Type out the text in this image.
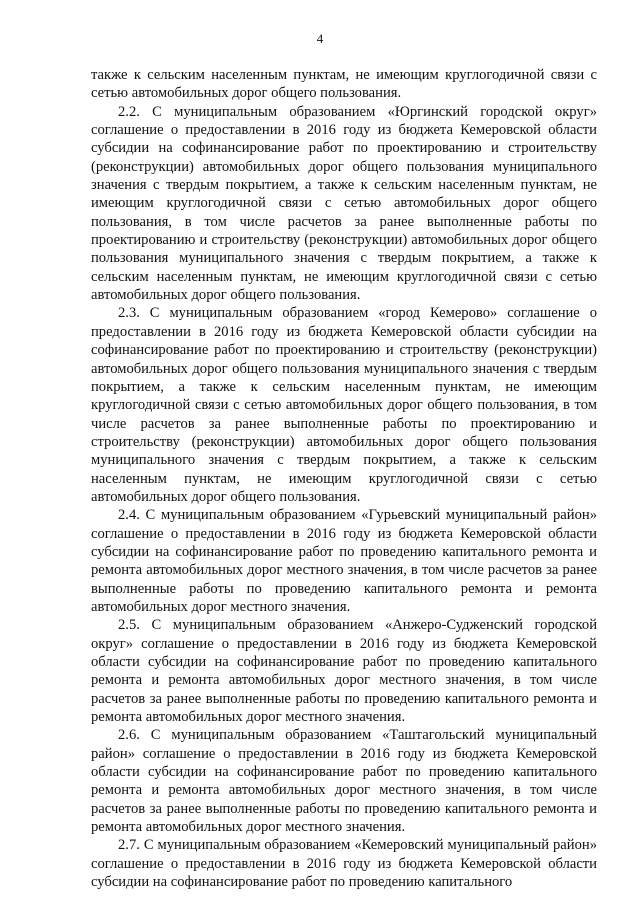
4

также к сельским населенным пунктам, не имеющим круглогодичной связи с сетью автомобильных дорог общего пользования.

2.2. С муниципальным образованием «Юргинский городской округ» соглашение о предоставлении в 2016 году из бюджета Кемеровской области субсидии на софинансирование работ по проектированию и строительству (реконструкции) автомобильных дорог общего пользования муниципального значения с твердым покрытием, а также к сельским населенным пунктам, не имеющим круглогодичной связи с сетью автомобильных дорог общего пользования, в том числе расчетов за ранее выполненные работы по проектированию и строительству (реконструкции) автомобильных дорог общего пользования муниципального значения с твердым покрытием, а также к сельским населенным пунктам, не имеющим круглогодичной связи с сетью автомобильных дорог общего пользования.

2.3. С муниципальным образованием «город Кемерово» соглашение о предоставлении в 2016 году из бюджета Кемеровской области субсидии на софинансирование работ по проектированию и строительству (реконструкции) автомобильных дорог общего пользования муниципального значения с твердым покрытием, а также к сельским населенным пунктам, не имеющим круглогодичной связи с сетью автомобильных дорог общего пользования, в том числе расчетов за ранее выполненные работы по проектированию и строительству (реконструкции) автомобильных дорог общего пользования муниципального значения с твердым покрытием, а также к сельским населенным пунктам, не имеющим круглогодичной связи с сетью автомобильных дорог общего пользования.

2.4. С муниципальным образованием «Гурьевский муниципальный район» соглашение о предоставлении в 2016 году из бюджета Кемеровской области субсидии на софинансирование работ по проведению капитального ремонта и ремонта автомобильных дорог местного значения, в том числе расчетов за ранее выполненные работы по проведению капитального ремонта и ремонта автомобильных дорог местного значения.

2.5. С муниципальным образованием «Анжеро-Судженский городской округ» соглашение о предоставлении в 2016 году из бюджета Кемеровской области субсидии на софинансирование работ по проведению капитального ремонта и ремонта автомобильных дорог местного значения, в том числе расчетов за ранее выполненные работы по проведению капитального ремонта и ремонта автомобильных дорог местного значения.

2.6. С муниципальным образованием «Таштагольский муниципальный район» соглашение о предоставлении в 2016 году из бюджета Кемеровской области субсидии на софинансирование работ по проведению капитального ремонта и ремонта автомобильных дорог местного значения, в том числе расчетов за ранее выполненные работы по проведению капитального ремонта и ремонта автомобильных дорог местного значения.

2.7. С муниципальным образованием «Кемеровский муниципальный район» соглашение о предоставлении в 2016 году из бюджета Кемеровской области субсидии на софинансирование работ по проведению капитального
